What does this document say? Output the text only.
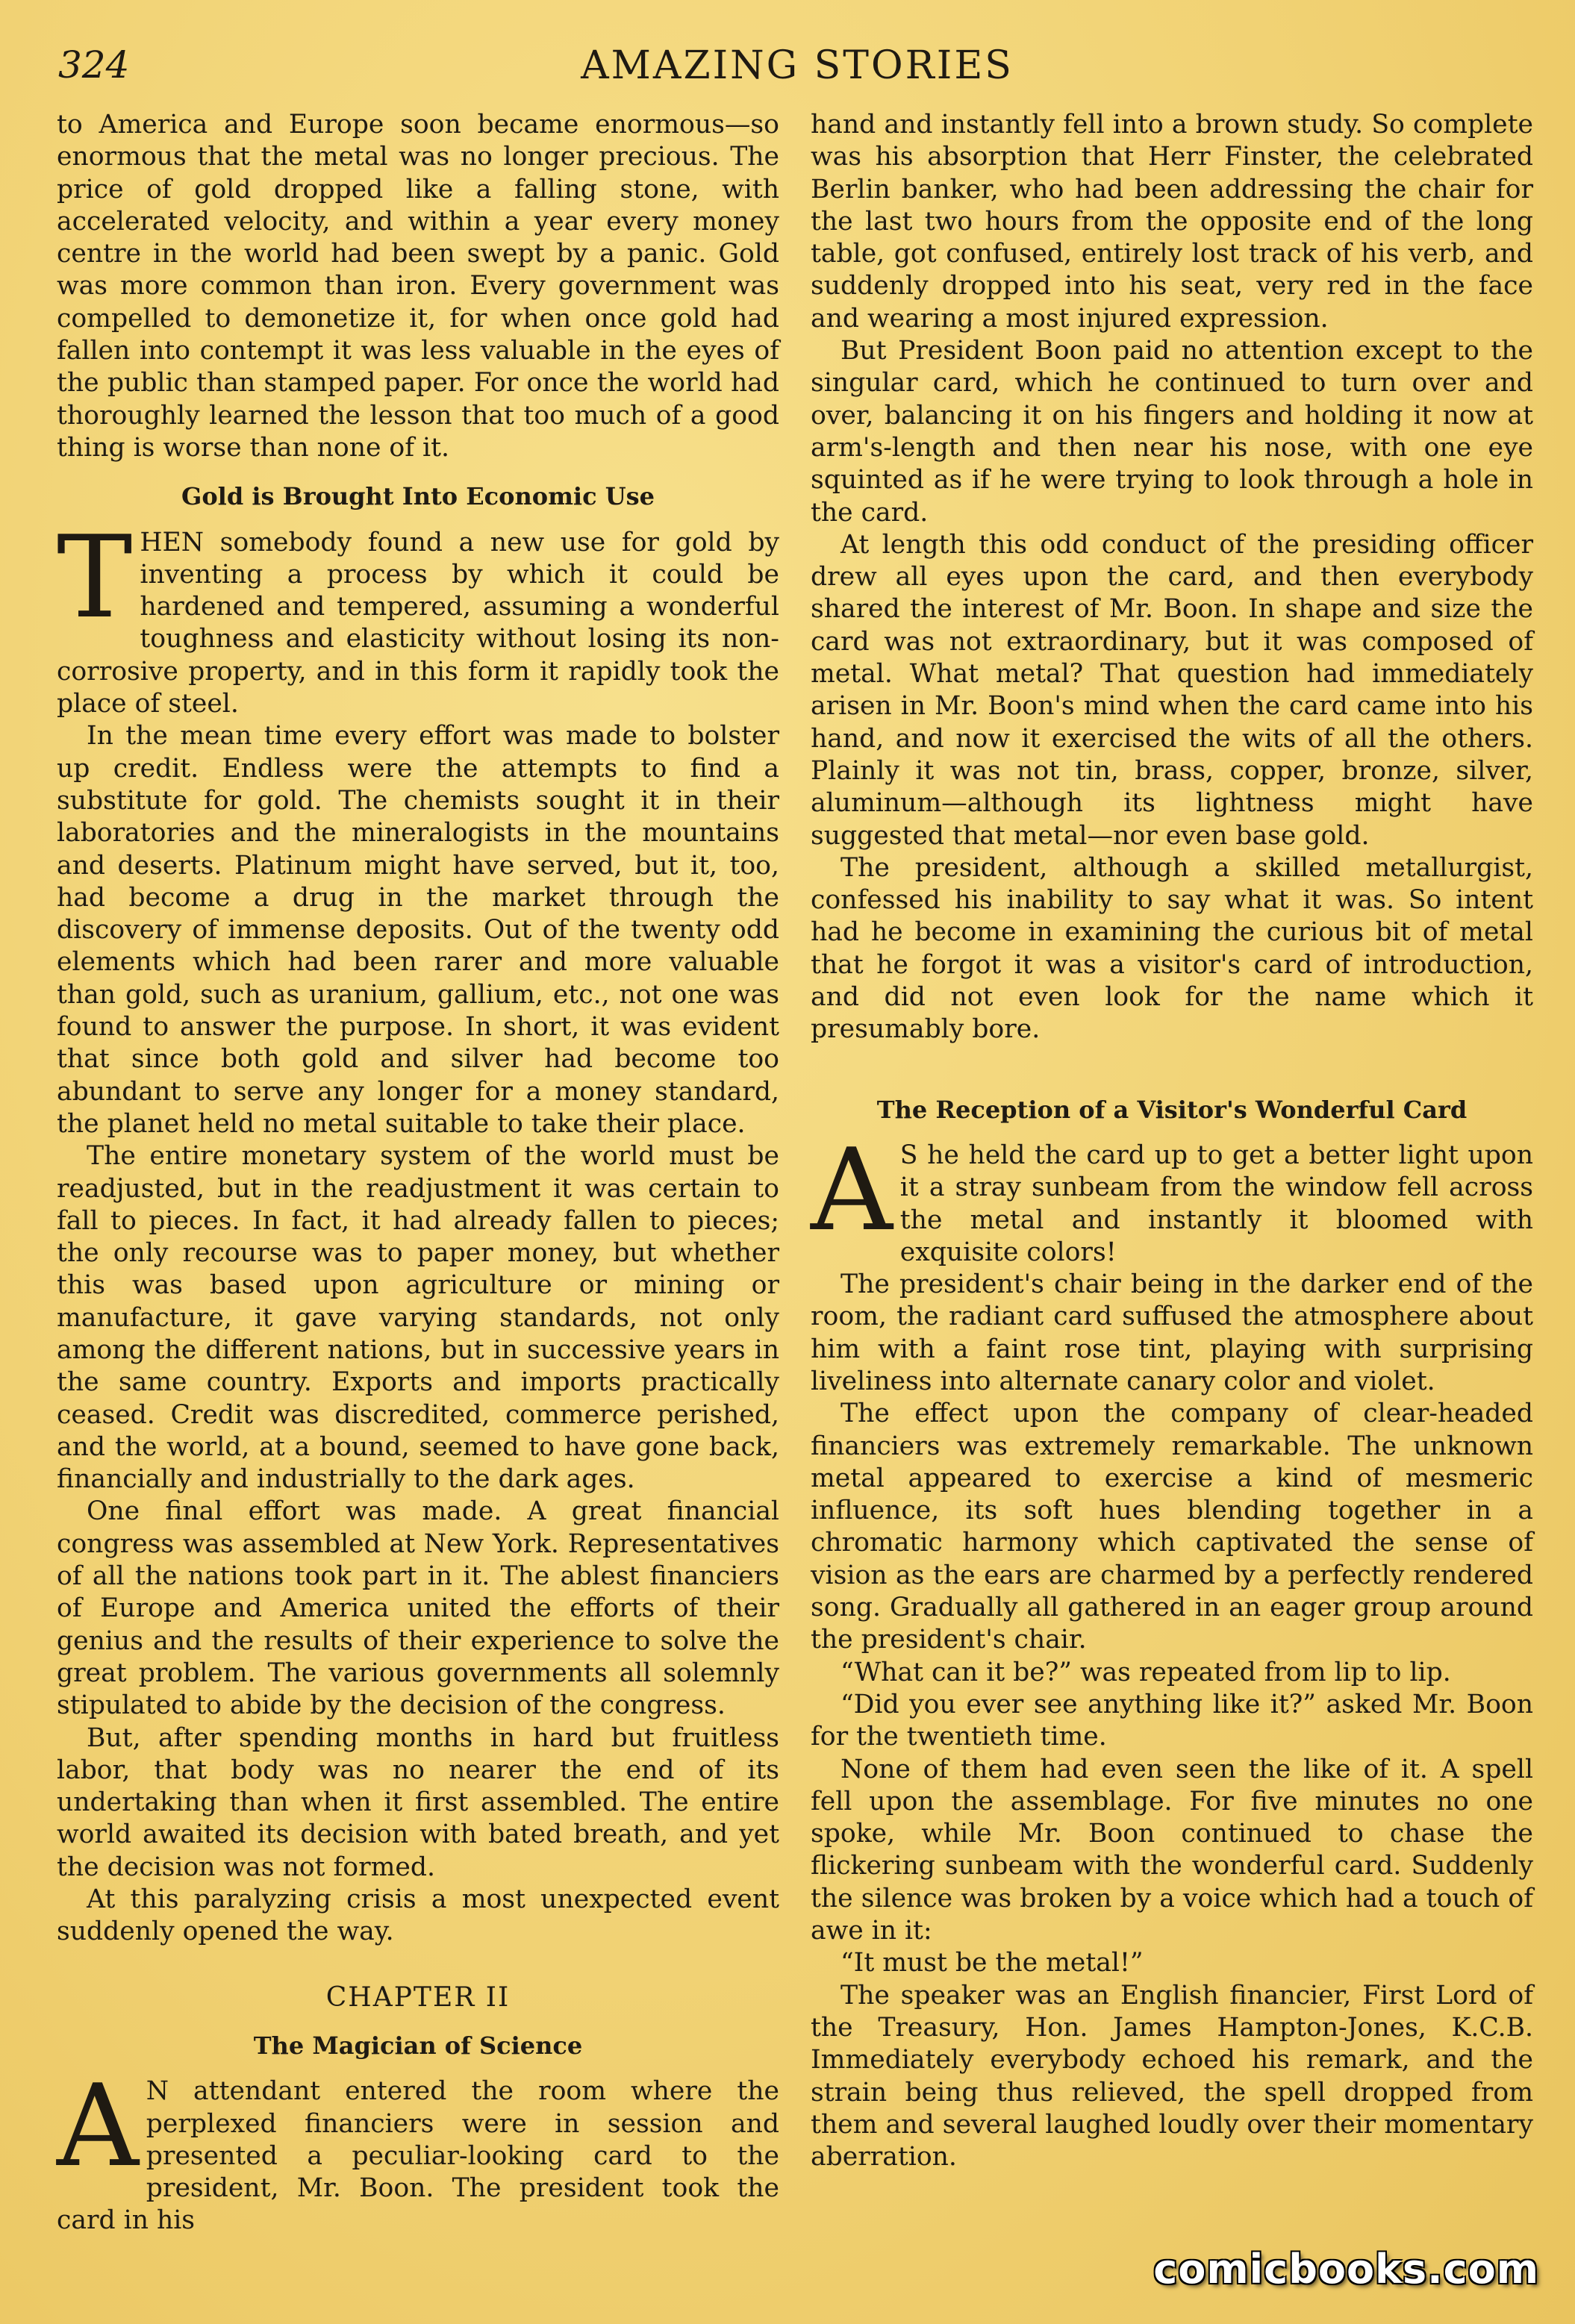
324	AMAZING STORIES

to America and Europe soon became enormous—so enormous that the metal was no longer precious. The price of gold dropped like a falling stone, with accelerated velocity, and within a year every money centre in the world had been swept by a panic. Gold was more common than iron. Every government was compelled to demonetize it, for when once gold had fallen into contempt it was less valuable in the eyes of the public than stamped paper. For once the world had thoroughly learned the lesson that too much of a good thing is worse than none of it.

Gold is Brought Into Economic Use

THEN somebody found a new use for gold by inventing a process by which it could be hardened and tempered, assuming a wonderful toughness and elasticity without losing its non-corrosive property, and in this form it rapidly took the place of steel.

In the mean time every effort was made to bolster up credit. Endless were the attempts to find a substitute for gold. The chemists sought it in their laboratories and the mineralogists in the mountains and deserts. Platinum might have served, but it, too, had become a drug in the market through the discovery of immense deposits. Out of the twenty odd elements which had been rarer and more valuable than gold, such as uranium, gallium, etc., not one was found to answer the purpose. In short, it was evident that since both gold and silver had become too abundant to serve any longer for a money standard, the planet held no metal suitable to take their place.

The entire monetary system of the world must be readjusted, but in the readjustment it was certain to fall to pieces. In fact, it had already fallen to pieces; the only recourse was to paper money, but whether this was based upon agriculture or mining or manufacture, it gave varying standards, not only among the different nations, but in successive years in the same country. Exports and imports practically ceased. Credit was discredited, commerce perished, and the world, at a bound, seemed to have gone back, financially and industrially to the dark ages.

One final effort was made. A great financial congress was assembled at New York. Representatives of all the nations took part in it. The ablest financiers of Europe and America united the efforts of their genius and the results of their experience to solve the great problem. The various governments all solemnly stipulated to abide by the decision of the congress.

But, after spending months in hard but fruitless labor, that body was no nearer the end of its undertaking than when it first assembled. The entire world awaited its decision with bated breath, and yet the decision was not formed.

At this paralyzing crisis a most unexpected event suddenly opened the way.

CHAPTER II
The Magician of Science

A N attendant entered the room where the perplexed financiers were in session and presented a peculiar-looking card to the president, Mr. Boon. The president took the card in his

hand and instantly fell into a brown study. So complete was his absorption that Herr Finster, the celebrated Berlin banker, who had been addressing the chair for the last two hours from the opposite end of the long table, got confused, entirely lost track of his verb, and suddenly dropped into his seat, very red in the face and wearing a most injured expression.

But President Boon paid no attention except to the singular card, which he continued to turn over and over, balancing it on his fingers and holding it now at arm's-length and then near his nose, with one eye squinted as if he were trying to look through a hole in the card.

At length this odd conduct of the presiding officer drew all eyes upon the card, and then everybody shared the interest of Mr. Boon. In shape and size the card was not extraordinary, but it was composed of metal. What metal? That question had immediately arisen in Mr. Boon's mind when the card came into his hand, and now it exercised the wits of all the others. Plainly it was not tin, brass, copper, bronze, silver, aluminum—although its lightness might have suggested that metal—nor even base gold.

The president, although a skilled metallurgist, confessed his inability to say what it was. So intent had he become in examining the curious bit of metal that he forgot it was a visitor's card of introduction, and did not even look for the name which it presumably bore.

The Reception of a Visitor's Wonderful Card

A S he held the card up to get a better light upon it a stray sunbeam from the window fell across the metal and instantly it bloomed with exquisite colors!

The president's chair being in the darker end of the room, the radiant card suffused the atmosphere about him with a faint rose tint, playing with surprising liveliness into alternate canary color and violet.

The effect upon the company of clear-headed financiers was extremely remarkable. The unknown metal appeared to exercise a kind of mesmeric influence, its soft hues blending together in a chromatic harmony which captivated the sense of vision as the ears are charmed by a perfectly rendered song. Gradually all gathered in an eager group around the president's chair.

“What can it be?” was repeated from lip to lip.

“Did you ever see anything like it?” asked Mr. Boon for the twentieth time.

None of them had even seen the like of it. A spell fell upon the assemblage. For five minutes no one spoke, while Mr. Boon continued to chase the flickering sunbeam with the wonderful card. Suddenly the silence was broken by a voice which had a touch of awe in it:

“It must be the metal!”

The speaker was an English financier, First Lord of the Treasury, Hon. James Hampton-Jones, K.C.B. Immediately everybody echoed his remark, and the strain being thus relieved, the spell dropped from them and several laughed loudly over their momentary aberration.

comicbooks.com
